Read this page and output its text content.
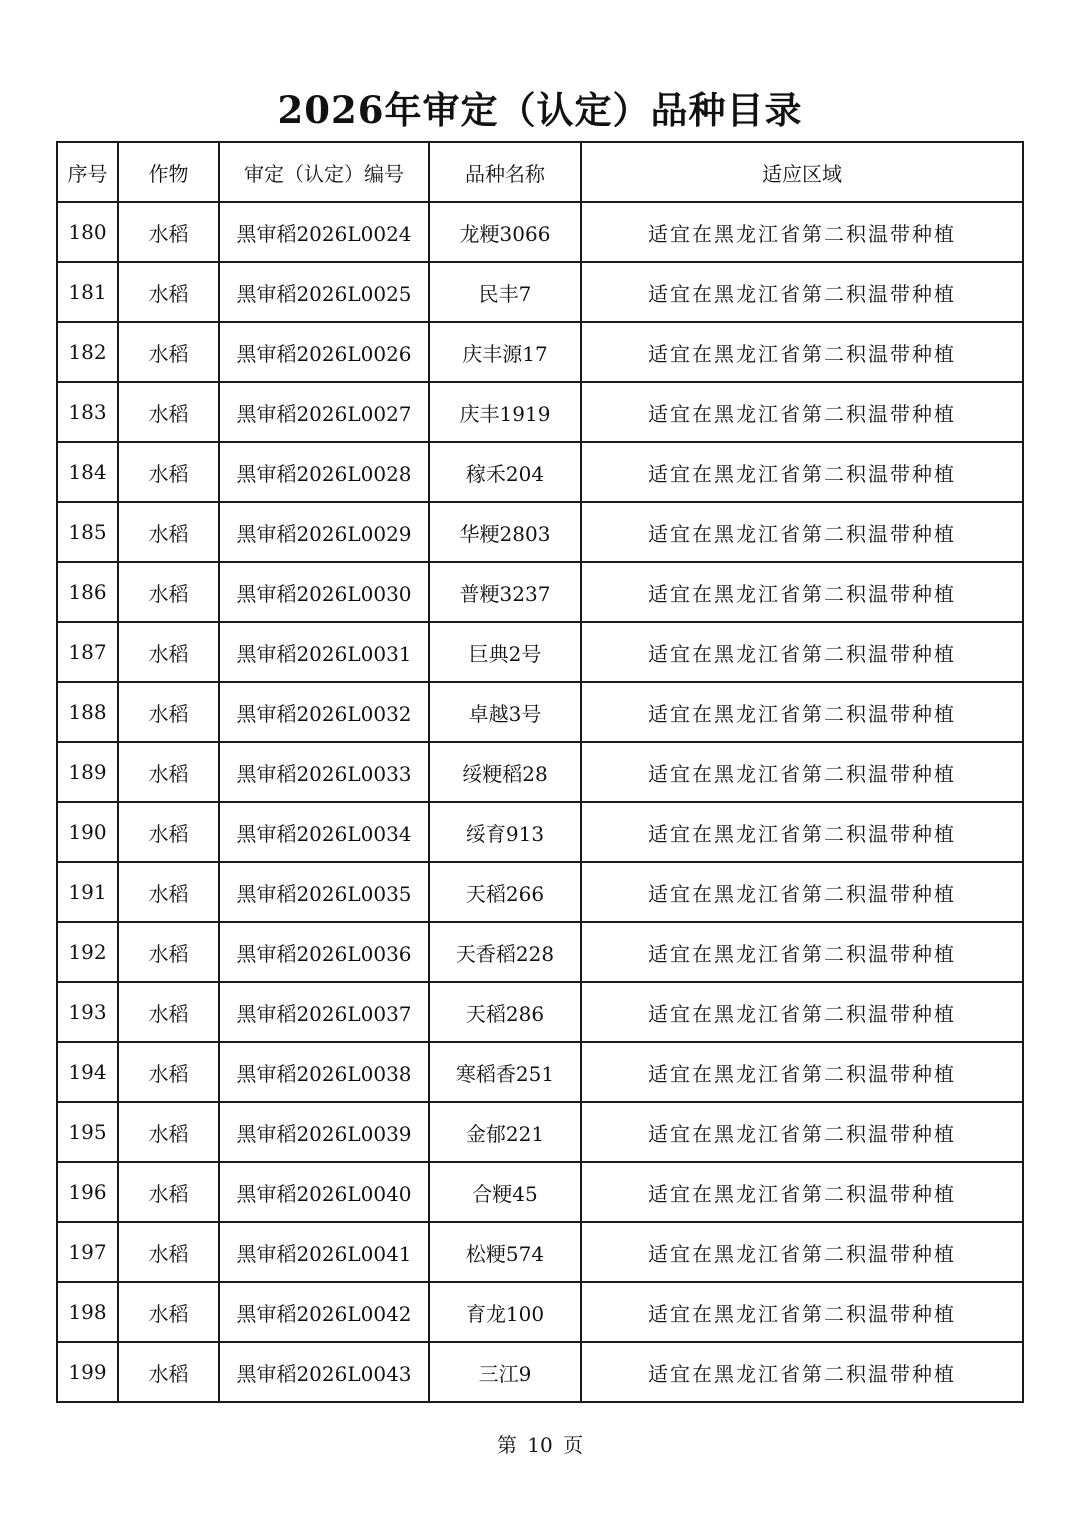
2026年审定（认定）品种目录
序号	作物	审定（认定）编号	品种名称	适应区域
180	水稻	黑审稻2026L0024	龙粳3066	适宜在黑龙江省第二积温带种植
181	水稻	黑审稻2026L0025	民丰7	适宜在黑龙江省第二积温带种植
182	水稻	黑审稻2026L0026	庆丰源17	适宜在黑龙江省第二积温带种植
183	水稻	黑审稻2026L0027	庆丰1919	适宜在黑龙江省第二积温带种植
184	水稻	黑审稻2026L0028	稼禾204	适宜在黑龙江省第二积温带种植
185	水稻	黑审稻2026L0029	华粳2803	适宜在黑龙江省第二积温带种植
186	水稻	黑审稻2026L0030	普粳3237	适宜在黑龙江省第二积温带种植
187	水稻	黑审稻2026L0031	巨典2号	适宜在黑龙江省第二积温带种植
188	水稻	黑审稻2026L0032	卓越3号	适宜在黑龙江省第二积温带种植
189	水稻	黑审稻2026L0033	绥粳稻28	适宜在黑龙江省第二积温带种植
190	水稻	黑审稻2026L0034	绥育913	适宜在黑龙江省第二积温带种植
191	水稻	黑审稻2026L0035	天稻266	适宜在黑龙江省第二积温带种植
192	水稻	黑审稻2026L0036	天香稻228	适宜在黑龙江省第二积温带种植
193	水稻	黑审稻2026L0037	天稻286	适宜在黑龙江省第二积温带种植
194	水稻	黑审稻2026L0038	寒稻香251	适宜在黑龙江省第二积温带种植
195	水稻	黑审稻2026L0039	金郁221	适宜在黑龙江省第二积温带种植
196	水稻	黑审稻2026L0040	合粳45	适宜在黑龙江省第二积温带种植
197	水稻	黑审稻2026L0041	松粳574	适宜在黑龙江省第二积温带种植
198	水稻	黑审稻2026L0042	育龙100	适宜在黑龙江省第二积温带种植
199	水稻	黑审稻2026L0043	三江9	适宜在黑龙江省第二积温带种植
第 10 页
